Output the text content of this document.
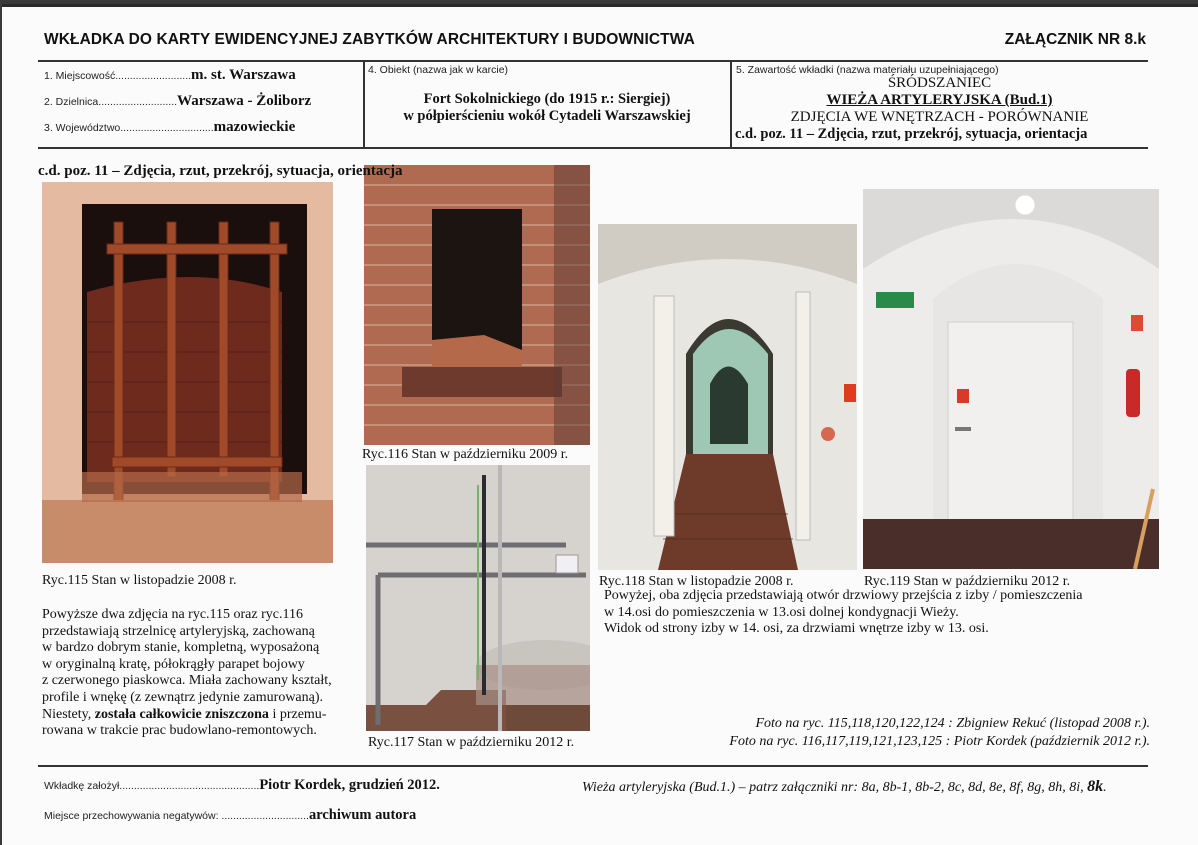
WKŁADKA DO KARTY EWIDENCYJNEJ ZABYTKÓW ARCHITEKTURY I BUDOWNICTWA	ZAŁĄCZNIK NR 8.k
1. Miejscowość.......................... m. st. Warszawa
2. Dzielnica........................... Warszawa - Żoliborz
3. Województwo................................ mazowieckie
4. Obiekt (nazwa jak w karcie)
Fort Sokolnickiego (do 1915 r.: Siergiej)
w półpierścieniu wokół Cytadeli Warszawskiej
5. Zawartość wkładki (nazwa materiału uzupełniającego)
ŚRÓDSZANIEC
WIEŻA ARTYLERYJSKA (Bud.1)
ZDJĘCIA WE WNĘTRZACH - PORÓWNANIE
c.d. poz. 11 – Zdjęcia, rzut, przekrój, sytuacja, orientacja
c.d. poz. 11 – Zdjęcia, rzut, przekrój, sytuacja, orientacja
Ryc.115 Stan w listopadzie 2008 r.
Ryc.116 Stan w październiku 2009 r.
Ryc.117 Stan w październiku 2012 r.
Ryc.118 Stan w listopadzie 2008 r.	Ryc.119 Stan w październiku 2012 r.
Powyższe dwa zdjęcia na ryc.115 oraz ryc.116
przedstawiają strzelnicę artyleryjską, zachowaną
w bardzo dobrym stanie, kompletną, wyposażoną
w oryginalną kratę, półokrągły parapet bojowy
z czerwonego piaskowca. Miała zachowany kształt,
profile i wnękę (z zewnątrz jedynie zamurowaną).
Niestety, została całkowicie zniszczona i przemu-
rowana w trakcie prac budowlano-remontowych.
Powyżej, oba zdjęcia przedstawiają otwór drzwiowy przejścia z izby / pomieszczenia
w 14.osi do pomieszczenia w 13.osi dolnej kondygnacji Wieży.
Widok od strony izby w 14. osi, za drzwiami wnętrze izby w 13. osi.
Foto na ryc. 115,118,120,122,124 : Zbigniew Rekuć (listopad 2008 r.).
Foto na ryc. 116,117,119,121,123,125 : Piotr Kordek (październik 2012 r.).
Wkładkę założył................................................ Piotr Kordek, grudzień 2012.
Miejsce przechowywania negatywów: .............................. archiwum autora
Wieża artyleryjska (Bud.1.) – patrz załączniki nr: 8a, 8b-1, 8b-2, 8c, 8d, 8e, 8f, 8g, 8h, 8i, 8k.
